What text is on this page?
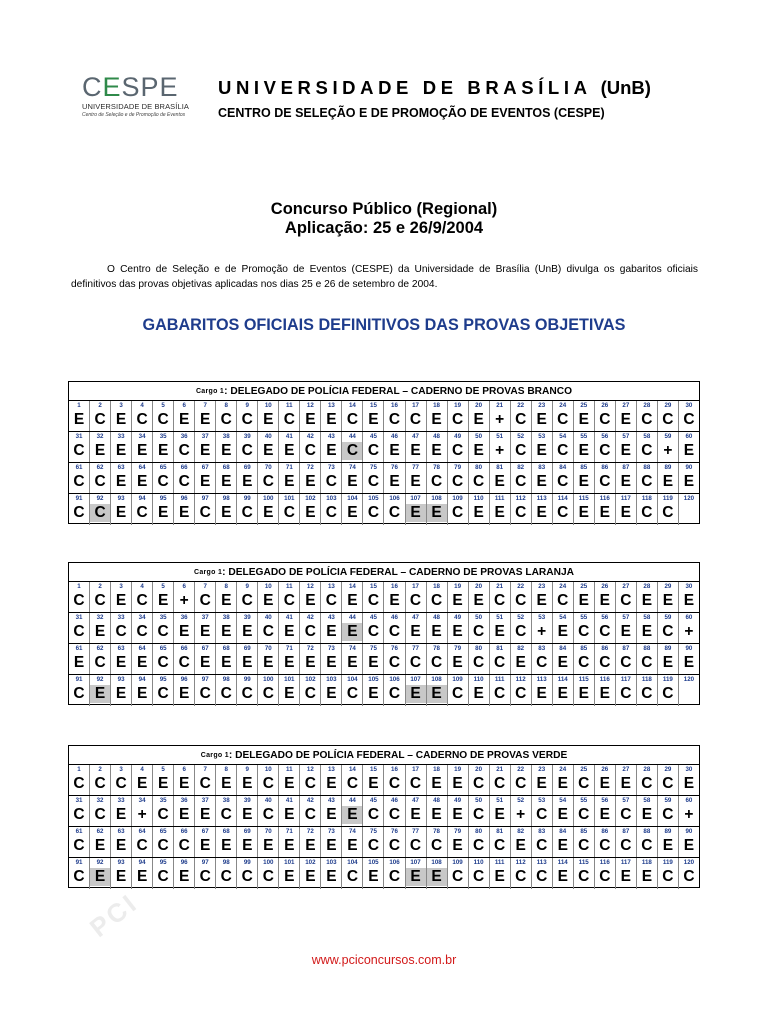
CESPE
UNIVERSIDADE DE BRASÍLIA
Centro de Seleção e de Promoção de Eventos
UNIVERSIDADE DE BRASÍLIA (UnB)
CENTRO DE SELEÇÃO E DE PROMOÇÃO DE EVENTOS (CESPE)
Concurso Público (Regional)
Aplicação: 25 e 26/9/2004
O Centro de Seleção e de Promoção de Eventos (CESPE) da Universidade de Brasília (UnB) divulga os gabaritos oficiais definitivos das provas objetivas aplicadas nos dias 25 e 26 de setembro de 2004.
GABARITOS OFICIAIS DEFINITIVOS DAS PROVAS OBJETIVAS
Cargo 1 : DELEGADO DE POLÍCIA FEDERAL – CADERNO DE PROVAS BRANCO
1
E
2
C
3
E
4
C
5
C
6
E
7
E
8
C
9
C
10
E
11
C
12
E
13
E
14
C
15
E
16
C
17
C
18
E
19
C
20
E
21
+
22
C
23
E
24
C
25
E
26
C
27
E
28
C
29
C
30
C
31
C
32
E
33
E
34
E
35
E
36
C
37
E
38
E
39
C
40
E
41
E
42
C
43
E
44
C
45
C
46
E
47
E
48
E
49
C
50
E
51
+
52
C
53
E
54
C
55
E
56
C
57
E
58
C
59
+
60
E
61
C
62
C
63
E
64
E
65
C
66
C
67
E
68
E
69
E
70
C
71
E
72
E
73
C
74
E
75
C
76
E
77
E
78
C
79
C
80
C
81
E
82
C
83
E
84
C
85
E
86
C
87
E
88
C
89
E
90
E
91
C
92
C
93
E
94
C
95
E
96
E
97
C
98
E
99
C
100
E
101
C
102
E
103
C
104
E
105
C
106
C
107
E
108
E
109
C
110
E
111
E
112
C
113
E
114
C
115
E
116
E
117
E
118
C
119
C
120
Cargo 1 : DELEGADO DE POLÍCIA FEDERAL – CADERNO DE PROVAS LARANJA
1
C
2
C
3
E
4
C
5
E
6
+
7
C
8
E
9
C
10
E
11
C
12
E
13
C
14
E
15
C
16
E
17
C
18
C
19
E
20
E
21
C
22
C
23
E
24
C
25
E
26
E
27
C
28
E
29
E
30
E
31
C
32
E
33
C
34
C
35
C
36
E
37
E
38
E
39
E
40
C
41
E
42
C
43
E
44
E
45
C
46
C
47
E
48
E
49
E
50
C
51
E
52
C
53
+
54
E
55
C
56
C
57
E
58
E
59
C
60
+
61
E
62
C
63
E
64
E
65
C
66
C
67
E
68
E
69
E
70
E
71
E
72
E
73
E
74
E
75
E
76
C
77
C
78
C
79
E
80
C
81
C
82
E
83
C
84
E
85
C
86
C
87
C
88
C
89
E
90
E
91
C
92
E
93
E
94
E
95
C
96
E
97
C
98
C
99
C
100
C
101
E
102
C
103
E
104
C
105
E
106
C
107
E
108
E
109
C
110
E
111
C
112
C
113
E
114
E
115
E
116
E
117
C
118
C
119
C
120
Cargo 1 : DELEGADO DE POLÍCIA FEDERAL – CADERNO DE PROVAS VERDE
1
C
2
C
3
C
4
E
5
E
6
E
7
C
8
E
9
E
10
C
11
E
12
C
13
E
14
C
15
E
16
C
17
C
18
E
19
E
20
C
21
C
22
C
23
E
24
E
25
C
26
E
27
E
28
C
29
C
30
E
31
C
32
C
33
E
34
+
35
C
36
E
37
E
38
C
39
E
40
C
41
E
42
C
43
E
44
E
45
C
46
C
47
E
48
E
49
E
50
C
51
E
52
+
53
C
54
E
55
C
56
E
57
C
58
E
59
C
60
+
61
C
62
E
63
E
64
C
65
C
66
C
67
E
68
E
69
E
70
E
71
E
72
E
73
E
74
E
75
C
76
C
77
C
78
C
79
E
80
C
81
C
82
E
83
C
84
E
85
C
86
C
87
C
88
C
89
E
90
E
91
C
92
E
93
E
94
E
95
C
96
E
97
C
98
C
99
C
100
C
101
E
102
E
103
E
104
C
105
E
106
C
107
E
108
E
109
C
110
C
111
E
112
C
113
C
114
E
115
C
116
C
117
E
118
E
119
C
120
C
PCI
www.pciconcursos.com.br
